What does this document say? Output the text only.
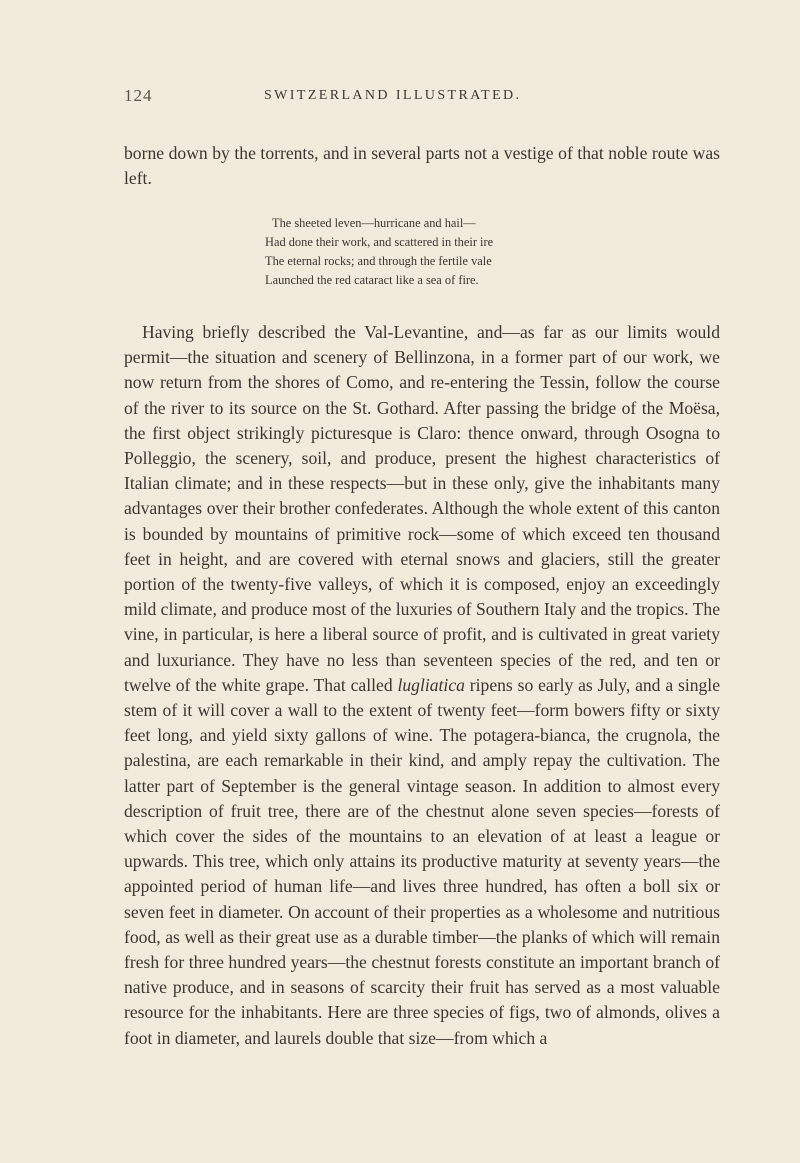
124	SWITZERLAND ILLUSTRATED.

borne down by the torrents, and in several parts not a vestige of that noble route was left.

The sheeted leven—hurricane and hail—
Had done their work, and scattered in their ire
The eternal rocks; and through the fertile vale
Launched the red cataract like a sea of fire.

Having briefly described the Val-Levantine, and—as far as our limits would permit—the situation and scenery of Bellinzona, in a former part of our work, we now return from the shores of Como, and re-entering the Tessin, follow the course of the river to its source on the St. Gothard. After passing the bridge of the Moësa, the first object strikingly picturesque is Claro: thence onward, through Osogna to Polleggio, the scenery, soil, and produce, present the highest characteristics of Italian climate; and in these respects—but in these only, give the inhabitants many advantages over their brother confederates. Although the whole extent of this canton is bounded by mountains of primitive rock—some of which exceed ten thousand feet in height, and are covered with eternal snows and glaciers, still the greater portion of the twenty-five valleys, of which it is composed, enjoy an exceedingly mild climate, and produce most of the luxuries of Southern Italy and the tropics. The vine, in particular, is here a liberal source of profit, and is cultivated in great variety and luxuriance. They have no less than seventeen species of the red, and ten or twelve of the white grape. That called lugliatica ripens so early as July, and a single stem of it will cover a wall to the extent of twenty feet—form bowers fifty or sixty feet long, and yield sixty gallons of wine. The potagera-bianca, the crugnola, the palestina, are each remarkable in their kind, and amply repay the cultivation. The latter part of September is the general vintage season. In addition to almost every description of fruit tree, there are of the chestnut alone seven species—forests of which cover the sides of the mountains to an elevation of at least a league or upwards. This tree, which only attains its productive maturity at seventy years—the appointed period of human life—and lives three hundred, has often a boll six or seven feet in diameter. On account of their properties as a wholesome and nutritious food, as well as their great use as a durable timber—the planks of which will remain fresh for three hundred years—the chestnut forests constitute an important branch of native produce, and in seasons of scarcity their fruit has served as a most valuable resource for the inhabitants. Here are three species of figs, two of almonds, olives a foot in diameter, and laurels double that size—from which a
